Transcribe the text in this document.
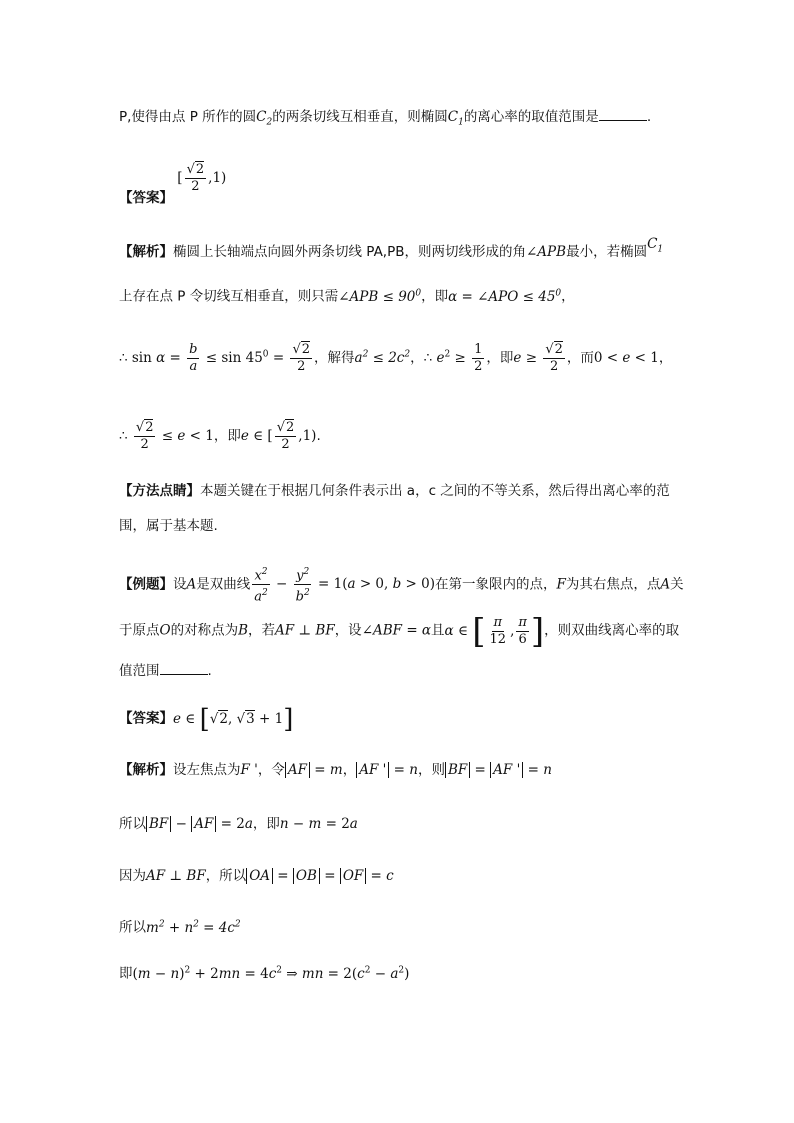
P,使得由点 P 所作的圆$C_2$的两条切线互相垂直，则椭圆$C_1$的离心率的取值范围是	.
【答案】 [ $\frac{√2}{2} ,1$)
【解析】椭圆上长轴端点向圆外两条切线 PA,PB，则两切线形成的角∠APB最小，若椭圆$C_1$
上存在点 P 令切线互相垂直，则只需∠APB ≤ $90^0$，即α = ∠APO ≤ $45^0$，
∴ $\sin \alpha = \frac{b}{a} \le \sin 45^0 = \frac{√2}{2}$ ，解得$a^2 \le 2c^2$，∴ $e^2 \ge \frac{1}{2}$ ，即$e \ge \frac{√2}{2}$ ，而0 < e < 1，
∴ $\frac{√2}{2} \le e < 1$，即e ∈ [ $\frac{√2}{2} ,1$).
【方法点睛】本题关键在于根据几何条件表示出 a，c 之间的不等关系，然后得出离心率的范
围，属于基本题.
【例题】设A是双曲线 $\frac{x^2}{a^2} - \frac{y^2}{b^2} = 1(a > 0$, b > 0)在第一象限内的点，F为其右焦点，点A关
于原点O的对称点为B，若AF ⊥ BF，设∠ABF = α且α ∈ [ $\frac{\pi}{12}$ , $\frac{\pi}{6}$ ]，则双曲线离心率的取
值范围	.
【答案】e ∈ [√2, √3 + 1]
【解析】设左焦点为F '，令 AF = m， AF ' = n，则 BF = AF ' = n
所以 BF − AF = 2a，即n − m = 2a
因为AF ⊥ BF，所以 OA = OB = OF = c
所以$m^2 + n^2 = 4c^2$
即$(m - n)^2 + 2mn = 4c^2$ ⇒ mn = $2(c^2 - a^2)$
